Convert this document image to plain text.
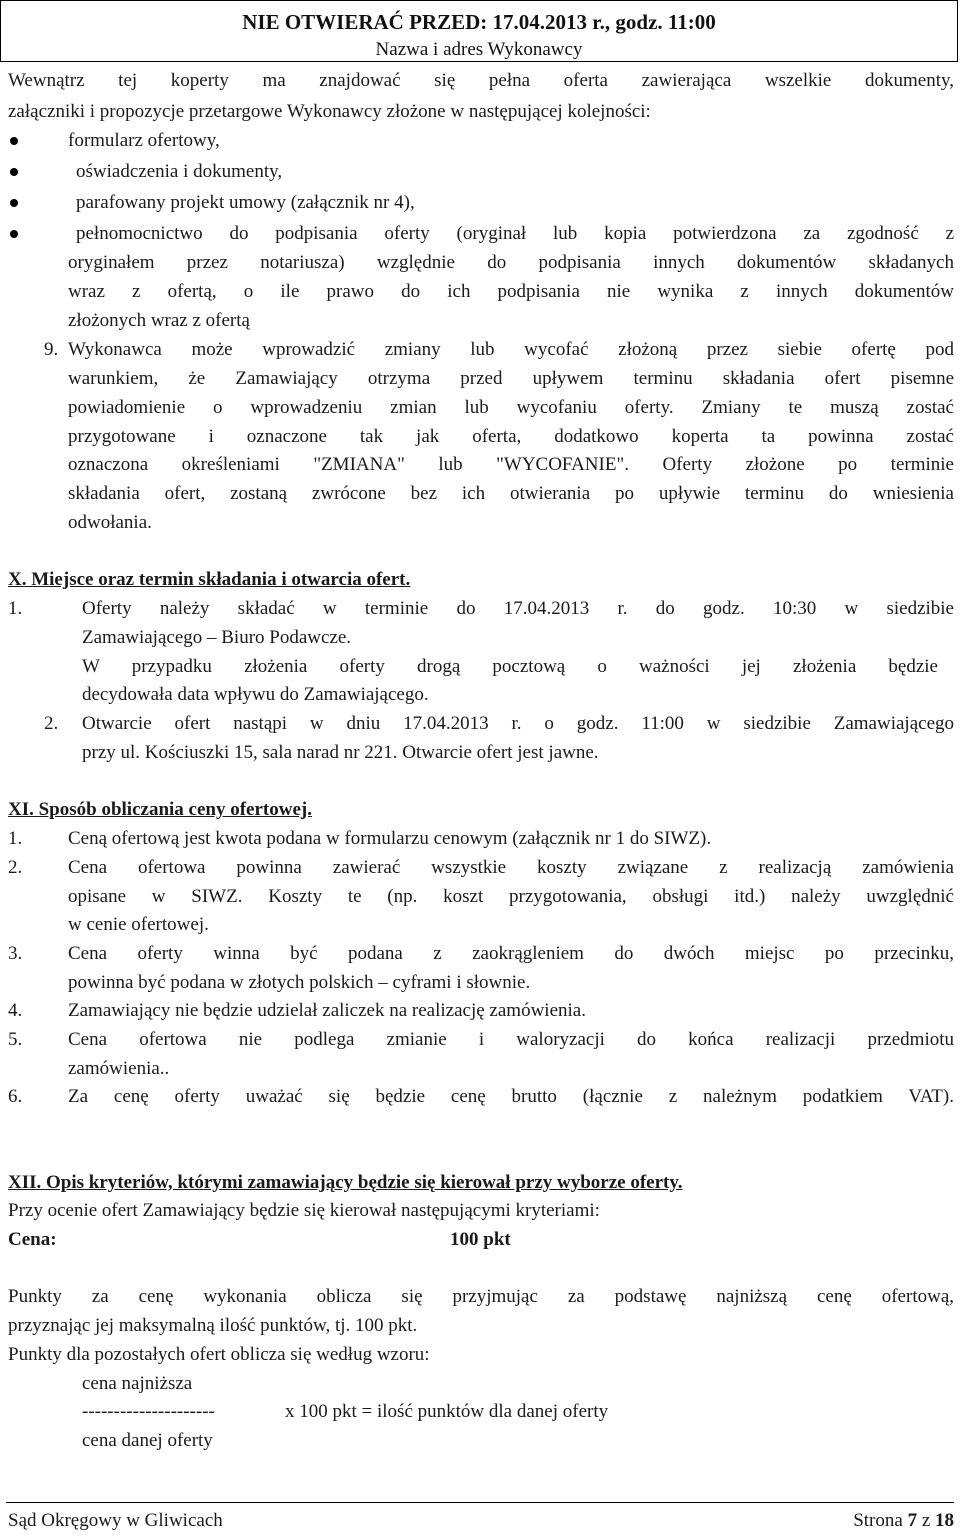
NIE OTWIERAĆ PRZED: 17.04.2013 r., godz. 11:00
Nazwa i adres Wykonawcy
Wewnątrz tej koperty ma znajdować się pełna oferta zawierająca wszelkie dokumenty,
załączniki i propozycje przetargowe Wykonawcy złożone w następującej kolejności:
formularz ofertowy,
oświadczenia i dokumenty,
parafowany projekt umowy (załącznik nr 4),
pełnomocnictwo do podpisania oferty (oryginał lub kopia potwierdzona za zgodność z
oryginałem przez notariusza) względnie do podpisania innych dokumentów składanych
wraz z ofertą, o ile prawo do ich podpisania nie wynika z innych dokumentów
złożonych wraz z ofertą
9. Wykonawca może wprowadzić zmiany lub wycofać złożoną przez siebie ofertę pod
warunkiem, że Zamawiający otrzyma przed upływem terminu składania ofert pisemne
powiadomienie o wprowadzeniu zmian lub wycofaniu oferty. Zmiany te muszą zostać
przygotowane i oznaczone tak jak oferta, dodatkowo koperta ta powinna zostać
oznaczona określeniami "ZMIANA" lub "WYCOFANIE". Oferty złożone po terminie
składania ofert, zostaną zwrócone bez ich otwierania po upływie terminu do wniesienia
odwołania.
X. Miejsce oraz termin składania i otwarcia ofert.
1.	Oferty należy składać w terminie do 17.04.2013 r. do godz. 10:30 w siedzibie
Zamawiającego – Biuro Podawcze.
W przypadku złożenia oferty drogą pocztową o ważności jej złożenia będzie
decydowała data wpływu do Zamawiającego.
2. Otwarcie ofert nastąpi w dniu 17.04.2013 r. o godz. 11:00 w siedzibie Zamawiającego
przy ul. Kościuszki 15, sala narad nr 221. Otwarcie ofert jest jawne.
XI. Sposób obliczania ceny ofertowej.
1. Ceną ofertową jest kwota podana w formularzu cenowym (załącznik nr 1 do SIWZ).
2. Cena ofertowa powinna zawierać wszystkie koszty związane z realizacją zamówienia
opisane w SIWZ. Koszty te (np. koszt przygotowania, obsługi itd.) należy uwzględnić
w cenie ofertowej.
3. Cena oferty winna być podana z zaokrągleniem do dwóch miejsc po przecinku,
powinna być podana w złotych polskich – cyframi i słownie.
4. Zamawiający nie będzie udzielał zaliczek na realizację zamówienia.
5. Cena ofertowa nie podlega zmianie i waloryzacji do końca realizacji przedmiotu
zamówienia..
6. Za cenę oferty uważać się będzie cenę brutto (łącznie z należnym podatkiem VAT).
XII. Opis kryteriów, którymi zamawiający będzie się kierował przy wyborze oferty.
Przy ocenie ofert Zamawiający będzie się kierował następującymi kryteriami:
Cena:	100 pkt
Punkty za cenę wykonania oblicza się przyjmując za podstawę najniższą cenę ofertową,
przyznając jej maksymalną ilość punktów, tj. 100 pkt.
Punkty dla pozostałych ofert oblicza się według wzoru:
cena najniższa
---------------------	x 100 pkt = ilość punktów dla danej oferty
cena danej oferty
Sąd Okręgowy w Gliwicach	Strona 7 z 18
